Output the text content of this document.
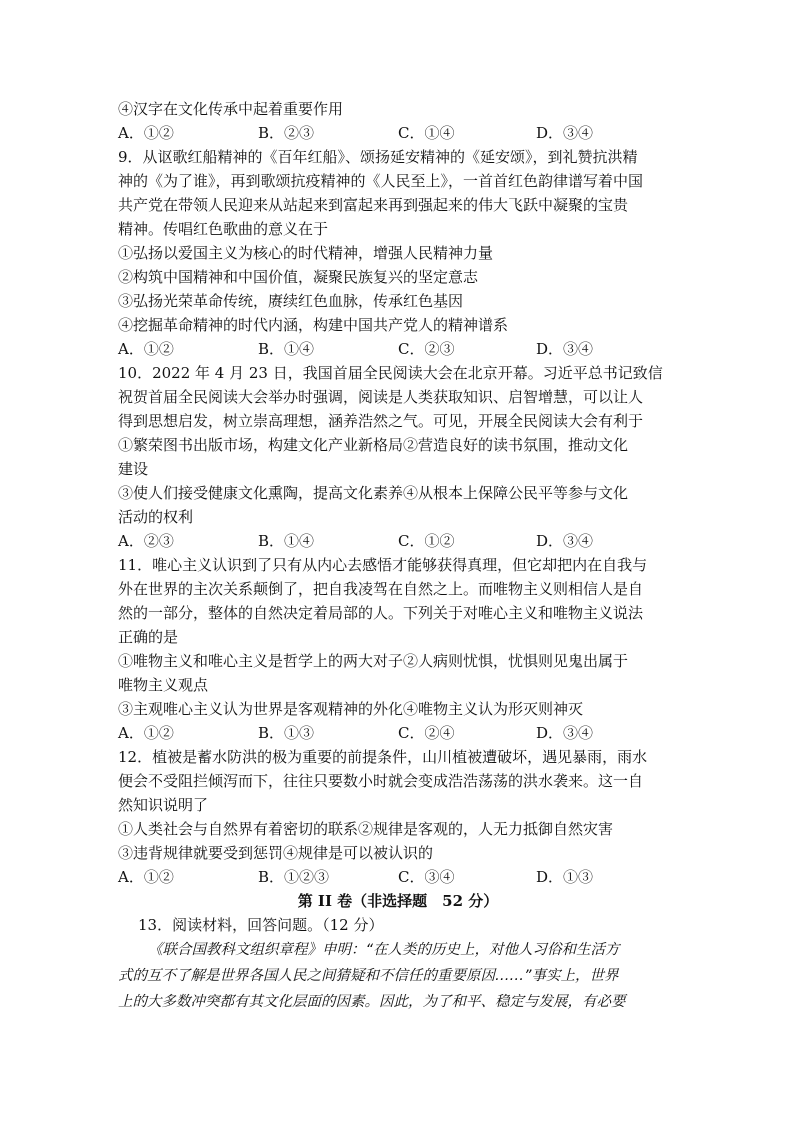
④汉字在文化传承中起着重要作用
A．①②	B．②③	C．①④	D．③④
9．从讴歌红船精神的《百年红船》、颂扬延安精神的《延安颂》，到礼赞抗洪精
神的《为了谁》，再到歌颂抗疫精神的《人民至上》，一首首红色韵律谱写着中国
共产党在带领人民迎来从站起来到富起来再到强起来的伟大飞跃中凝聚的宝贵
精神。传唱红色歌曲的意义在于
①弘扬以爱国主义为核心的时代精神，增强人民精神力量
②构筑中国精神和中国价值，凝聚民族复兴的坚定意志
③弘扬光荣革命传统，赓续红色血脉，传承红色基因
④挖掘革命精神的时代内涵，构建中国共产党人的精神谱系
A．①②	B．①④	C．②③	D．③④
10．2022 年 4 月 23 日，我国首届全民阅读大会在北京开幕。习近平总书记致信
祝贺首届全民阅读大会举办时强调，阅读是人类获取知识、启智增慧，可以让人
得到思想启发，树立崇高理想，涵养浩然之气。可见，开展全民阅读大会有利于
①繁荣图书出版市场，构建文化产业新格局②营造良好的读书氛围，推动文化
建设
③使人们接受健康文化熏陶，提高文化素养④从根本上保障公民平等参与文化
活动的权利
A．②③	B．①④	C．①②	D．③④
11．唯心主义认识到了只有从内心去感悟才能够获得真理，但它却把内在自我与
外在世界的主次关系颠倒了，把自我凌驾在自然之上。而唯物主义则相信人是自
然的一部分，整体的自然决定着局部的人。下列关于对唯心主义和唯物主义说法
正确的是
①唯物主义和唯心主义是哲学上的两大对子②人病则忧惧，忧惧则见鬼出属于
唯物主义观点
③主观唯心主义认为世界是客观精神的外化④唯物主义认为形灭则神灭
A．①②	B．①③	C．②④	D．③④
12．植被是蓄水防洪的极为重要的前提条件，山川植被遭破坏，遇见暴雨，雨水
便会不受阻拦倾泻而下，往往只要数小时就会变成浩浩荡荡的洪水袭来。这一自
然知识说明了
①人类社会与自然界有着密切的联系②规律是客观的，人无力抵御自然灾害
③违背规律就要受到惩罚④规律是可以被认识的
A．①②	B．①②③	C．③④	D．①③
第 II 卷（非选择题　52 分）
13．阅读材料，回答问题。（12 分）
《联合国教科文组织章程》申明：“在人类的历史上，对他人习俗和生活方
式的互不了解是世界各国人民之间猜疑和不信任的重要原因……”事实上，世界
上的大多数冲突都有其文化层面的因素。因此，为了和平、稳定与发展，有必要
